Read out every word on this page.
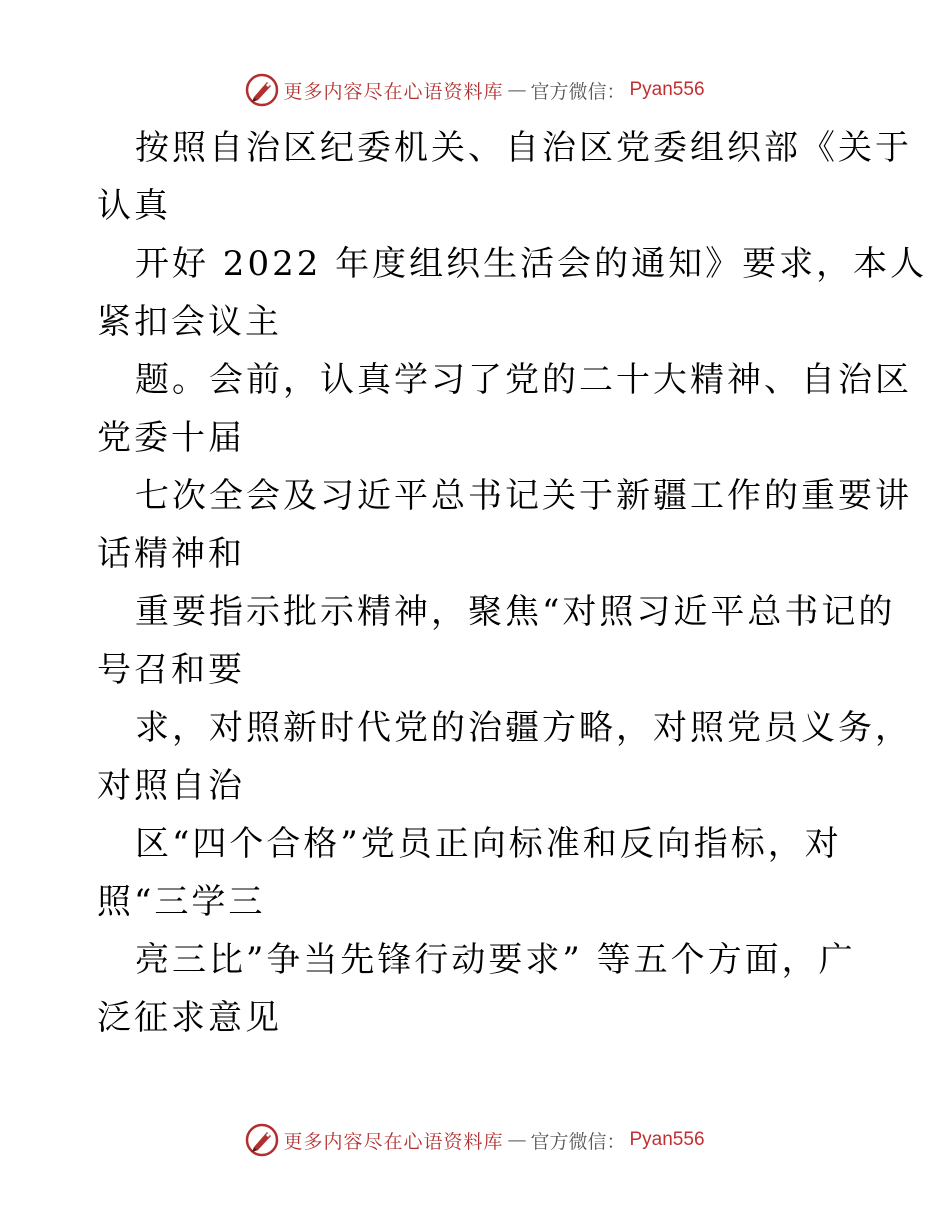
更多内容尽在心语资料库 — 官方微信： Pyan556
按照自治区纪委机关、自治区党委组织部《关于
认真
开好 2022 年度组织生活会的通知》要求，本人
紧扣会议主
题。会前，认真学习了党的二十大精神、自治区
党委十届
七次全会及习近平总书记关于新疆工作的重要讲
话精神和
重要指示批示精神，聚焦“对照习近平总书记的
号召和要
求，对照新时代党的治疆方略，对照党员义务，
对照自治
区“四个合格”党员正向标准和反向指标，对
照“三学三
亮三比”争当先锋行动要求” 等五个方面，广
泛征求意见
更多内容尽在心语资料库 — 官方微信： Pyan556
